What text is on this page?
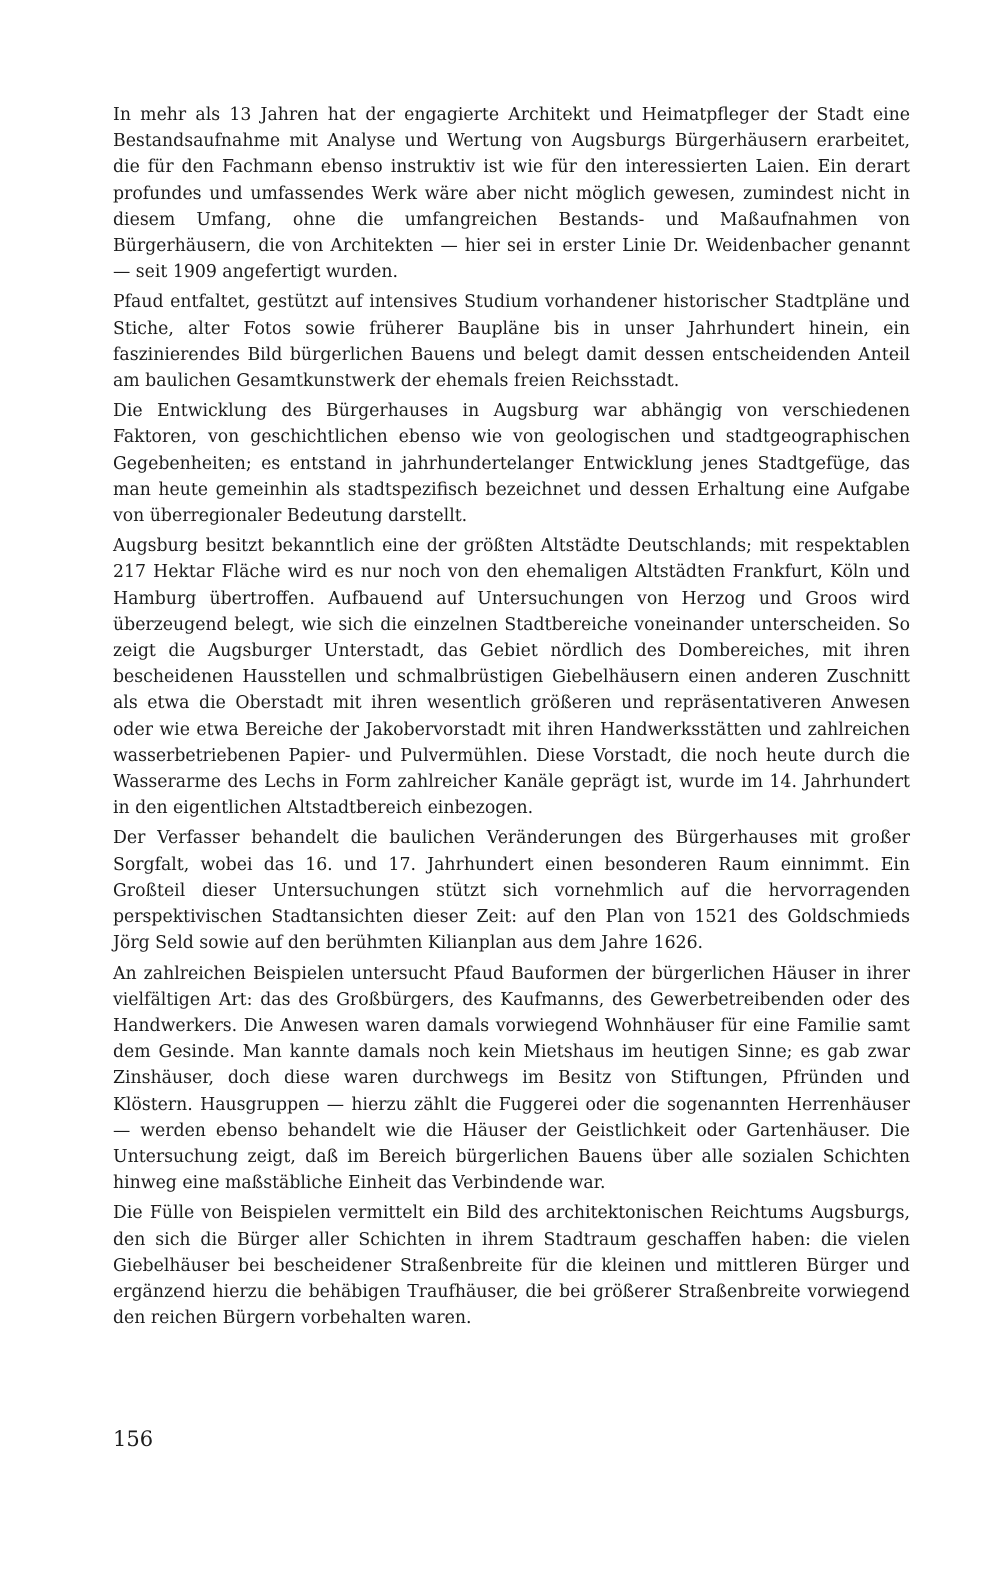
In mehr als 13 Jahren hat der engagierte Architekt und Heimatpfleger der Stadt eine Bestandsaufnahme mit Analyse und Wertung von Augsburgs Bürgerhäusern erarbeitet, die für den Fachmann ebenso instruktiv ist wie für den interessierten Laien. Ein derart profundes und umfassendes Werk wäre aber nicht möglich gewesen, zumindest nicht in diesem Umfang, ohne die umfangreichen Bestands- und Maßaufnahmen von Bürgerhäusern, die von Architekten — hier sei in erster Linie Dr. Weidenbacher genannt — seit 1909 angefertigt wurden.

Pfaud entfaltet, gestützt auf intensives Studium vorhandener historischer Stadtpläne und Stiche, alter Fotos sowie früherer Baupläne bis in unser Jahrhundert hinein, ein faszinierendes Bild bürgerlichen Bauens und belegt damit dessen entscheidenden Anteil am baulichen Gesamtkunstwerk der ehemals freien Reichsstadt.

Die Entwicklung des Bürgerhauses in Augsburg war abhängig von verschiedenen Faktoren, von geschichtlichen ebenso wie von geologischen und stadtgeographischen Gegebenheiten; es entstand in jahrhundertelanger Entwicklung jenes Stadtgefüge, das man heute gemeinhin als stadtspezifisch bezeichnet und dessen Erhaltung eine Aufgabe von überregionaler Bedeutung darstellt.

Augsburg besitzt bekanntlich eine der größten Altstädte Deutschlands; mit respektablen 217 Hektar Fläche wird es nur noch von den ehemaligen Altstädten Frankfurt, Köln und Hamburg übertroffen. Aufbauend auf Untersuchungen von Herzog und Groos wird überzeugend belegt, wie sich die einzelnen Stadtbereiche voneinander unterscheiden. So zeigt die Augsburger Unterstadt, das Gebiet nördlich des Dombereiches, mit ihren bescheidenen Hausstellen und schmalbrüstigen Giebelhäusern einen anderen Zuschnitt als etwa die Oberstadt mit ihren wesentlich größeren und repräsentativeren Anwesen oder wie etwa Bereiche der Jakobervorstadt mit ihren Handwerksstätten und zahlreichen wasserbetriebenen Papier- und Pulvermühlen. Diese Vorstadt, die noch heute durch die Wasserarme des Lechs in Form zahlreicher Kanäle geprägt ist, wurde im 14. Jahrhundert in den eigentlichen Altstadtbereich einbezogen.

Der Verfasser behandelt die baulichen Veränderungen des Bürgerhauses mit großer Sorgfalt, wobei das 16. und 17. Jahrhundert einen besonderen Raum einnimmt. Ein Großteil dieser Untersuchungen stützt sich vornehmlich auf die hervorragenden perspektivischen Stadtansichten dieser Zeit: auf den Plan von 1521 des Goldschmieds Jörg Seld sowie auf den berühmten Kilianplan aus dem Jahre 1626.

An zahlreichen Beispielen untersucht Pfaud Bauformen der bürgerlichen Häuser in ihrer vielfältigen Art: das des Großbürgers, des Kaufmanns, des Gewerbetreibenden oder des Handwerkers. Die Anwesen waren damals vorwiegend Wohnhäuser für eine Familie samt dem Gesinde. Man kannte damals noch kein Mietshaus im heutigen Sinne; es gab zwar Zinshäuser, doch diese waren durchwegs im Besitz von Stiftungen, Pfründen und Klöstern. Hausgruppen — hierzu zählt die Fuggerei oder die sogenannten Herrenhäuser — werden ebenso behandelt wie die Häuser der Geistlichkeit oder Gartenhäuser. Die Untersuchung zeigt, daß im Bereich bürgerlichen Bauens über alle sozialen Schichten hinweg eine maßstäbliche Einheit das Verbindende war.

Die Fülle von Beispielen vermittelt ein Bild des architektonischen Reichtums Augsburgs, den sich die Bürger aller Schichten in ihrem Stadtraum geschaffen haben: die vielen Giebelhäuser bei bescheidener Straßenbreite für die kleinen und mittleren Bürger und ergänzend hierzu die behäbigen Traufhäuser, die bei größerer Straßenbreite vorwiegend den reichen Bürgern vorbehalten waren.

156
